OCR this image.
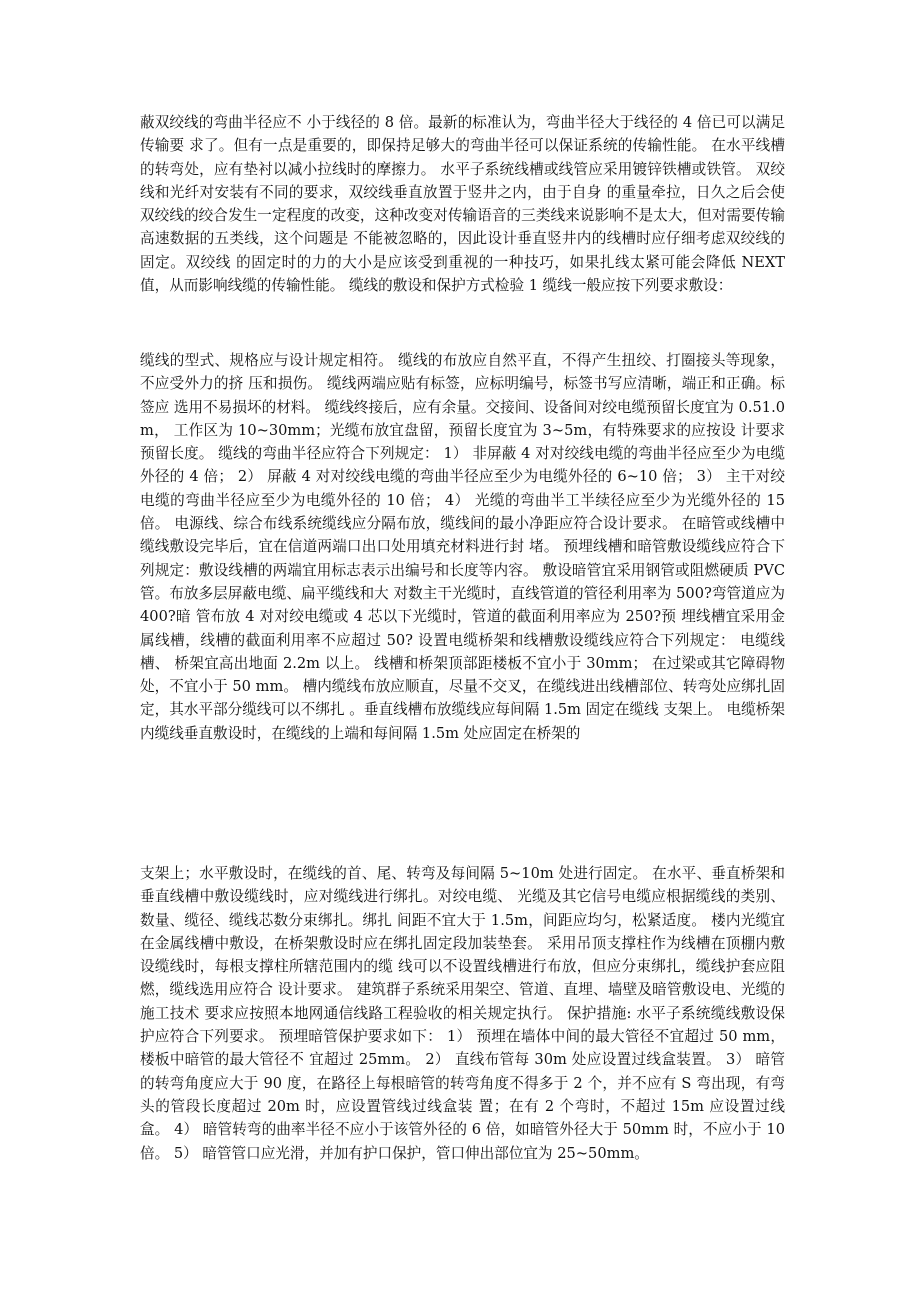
蔽双绞线的弯曲半径应不 小于线径的 8 倍。最新的标准认为，弯曲半径大于线径的 4 倍已可以满足传输要 求了。但有一点是重要的，即保持足够大的弯曲半径可以保证系统的传输性能。 在水平线槽的转弯处，应有垫衬以减小拉线时的摩擦力。 水平子系统线槽或线管应采用镀锌铁槽或铁管。 双绞线和光纤对安装有不同的要求，双绞线垂直放置于竖井之内，由于自身 的重量牵拉，日久之后会使双绞线的绞合发生一定程度的改变，这种改变对传输语音的三类线来说影响不是太大，但对需要传输高速数据的五类线，这个问题是 不能被忽略的，因此设计垂直竖井内的线槽时应仔细考虑双绞线的固定。双绞线 的固定时的力的大小是应该受到重视的一种技巧，如果扎线太紧可能会降低 NEXT 值，从而影响线缆的传输性能。 缆线的敷设和保护方式检验 1 缆线一般应按下列要求敷设：

缆线的型式、规格应与设计规定相符。 缆线的布放应自然平直，不得产生扭绞、打圈接头等现象，不应受外力的挤 压和损伤。 缆线两端应贴有标签，应标明编号，标签书写应清晰，端正和正确。标签应 选用不易损坏的材料。 缆线终接后，应有余量。交接间、设备间对绞电缆预留长度宜为 0.51.0m， 工作区为 10~30mm；光缆布放宜盘留，预留长度宜为 3~5m，有特殊要求的应按设 计要求预留长度。 缆线的弯曲半径应符合下列规定： 1） 非屏蔽 4 对对绞线电缆的弯曲半径应至少为电缆外径的 4 倍； 2） 屏蔽 4 对对绞线电缆的弯曲半径应至少为电缆外径的 6~10 倍； 3） 主干对绞电缆的弯曲半径应至少为电缆外径的 10 倍； 4） 光缆的弯曲半工半续径应至少为光缆外径的 15 倍。 电源线、综合布线系统缆线应分隔布放，缆线间的最小净距应符合设计要求。 在暗管或线槽中缆线敷设完毕后，宜在信道两端口出口处用填充材料进行封 堵。 预埋线槽和暗管敷设缆线应符合下列规定：敷设线槽的两端宜用标志表示出编号和长度等内容。 敷设暗管宜采用钢管或阻燃硬质 PVC 管。布放多层屏蔽电缆、扁平缆线和大 对数主干光缆时，直线管道的管径利用率为 500?弯管道应为 400?暗 管布放 4 对对绞电缆或 4 芯以下光缆时，管道的截面利用率应为 250?预 埋线槽宜采用金属线槽，线槽的截面利用率不应超过 50? 设置电缆桥架和线槽敷设缆线应符合下列规定： 电缆线槽、 桥架宜高出地面 2.2m 以上。 线槽和桥架顶部距楼板不宜小于 30mm； 在过梁或其它障碍物处，不宜小于 50 mm。 槽内缆线布放应顺直，尽量不交叉，在缆线进出线槽部位、转弯处应绑扎固 定，其水平部分缆线可以不绑扎 。垂直线槽布放缆线应每间隔 1.5m 固定在缆线 支架上。 电缆桥架内缆线垂直敷设时，在缆线的上端和每间隔 1.5m 处应固定在桥架的

支架上；水平敷设时，在缆线的首、尾、转弯及每间隔 5~10m 处进行固定。 在水平、垂直桥架和垂直线槽中敷设缆线时，应对缆线进行绑扎。对绞电缆、 光缆及其它信号电缆应根据缆线的类别、数量、缆径、缆线芯数分束绑扎。绑扎 间距不宜大于 1.5m，间距应均匀，松紧适度。 楼内光缆宜在金属线槽中敷设，在桥架敷设时应在绑扎固定段加装垫套。 采用吊顶支撑柱作为线槽在顶棚内敷设缆线时，每根支撑柱所辖范围内的缆 线可以不设置线槽进行布放，但应分束绑扎，缆线护套应阻燃，缆线选用应符合 设计要求。 建筑群子系统采用架空、管道、直埋、墙壁及暗管敷设电、光缆的施工技术 要求应按照本地网通信线路工程验收的相关规定执行。 保护措施: 水平子系统缆线敷设保护应符合下列要求。 预埋暗管保护要求如下： 1） 预埋在墙体中间的最大管径不宜超过 50 mm，楼板中暗管的最大管径不 宜超过 25mm。 2） 直线布管每 30m 处应设置过线盒装置。 3） 暗管的转弯角度应大于 90 度，在路径上每根暗管的转弯角度不得多于 2 个，并不应有 S 弯出现，有弯头的管段长度超过 20m 时，应设置管线过线盒装 置；在有 2 个弯时，不超过 15m 应设置过线盒。 4） 暗管转弯的曲率半径不应小于该管外径的 6 倍，如暗管外径大于 50mm 时，不应小于 10 倍。 5） 暗管管口应光滑，并加有护口保护，管口伸出部位宜为 25~50mm。
